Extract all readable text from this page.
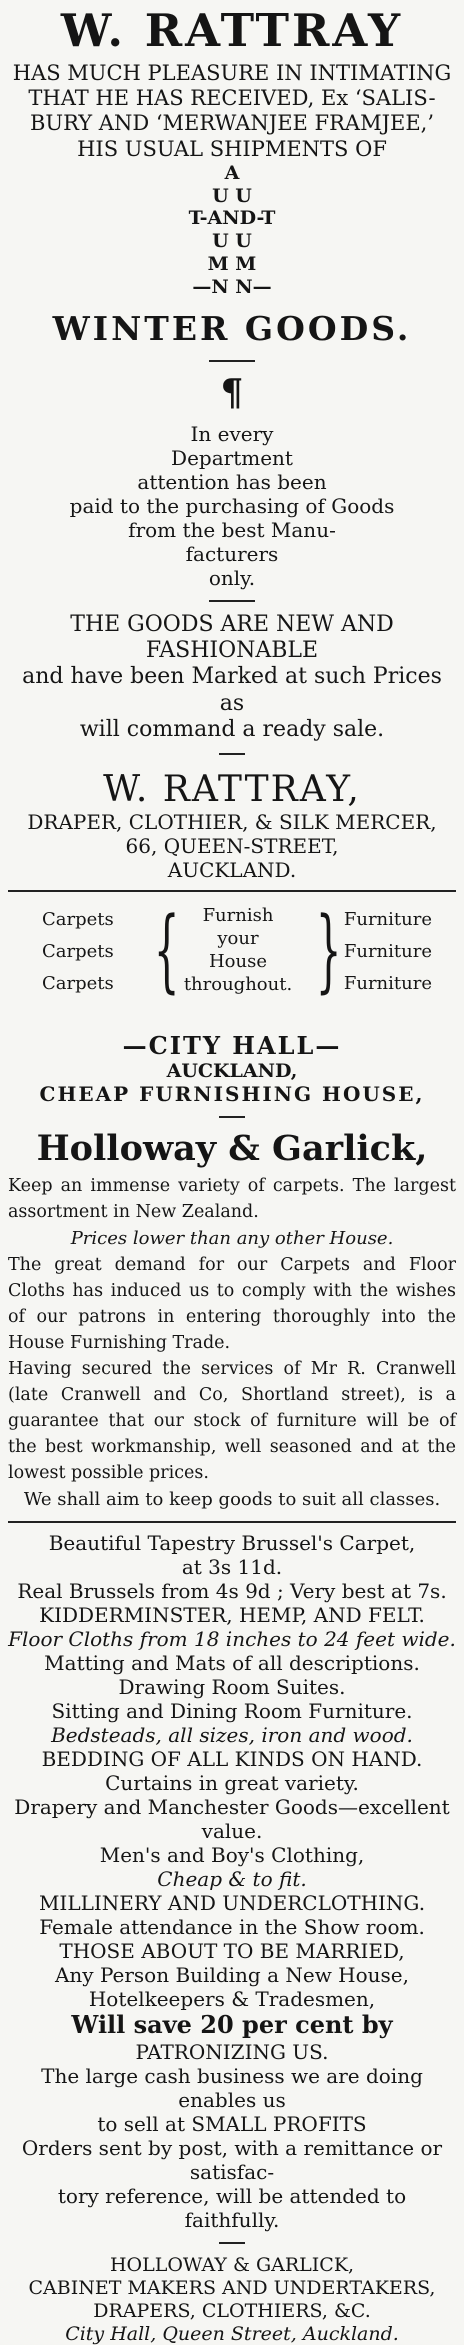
W. RATTRAY
HAS MUCH PLEASURE IN INTIMATING
THAT HE HAS RECEIVED, Ex ‘SALIS-
BURY AND ‘MERWANJEE FRAMJEE,’
HIS USUAL SHIPMENTS OF
A
U U
T-AND-T
U U
M M
—N N—
WINTER GOODS.
¶
In every
Department
attention has been
paid to the purchasing of Goods
from the best Manu-
facturers
only.
THE GOODS ARE NEW AND FASHIONABLE
and have been Marked at such Prices as
will command a ready sale.
W. RATTRAY,
DRAPER, CLOTHIER, & SILK MERCER,
66, QUEEN-STREET,
AUCKLAND.
Carpets
Carpets
Carpets {	Furnish
your
House
throughout. } Furniture
Furniture
Furniture
—CITY HALL—
AUCKLAND,
CHEAP FURNISHING HOUSE,
Holloway & Garlick,
Keep an immense variety of carpets. The largest assortment in New Zealand.
Prices lower than any other House.
The great demand for our Carpets and Floor Cloths has induced us to comply with the wishes of our patrons in entering thoroughly into the House Furnishing Trade.
Having secured the services of Mr R. Cranwell (late Cranwell and Co, Shortland street), is a guarantee that our stock of furniture will be of the best workmanship, well seasoned and at the lowest possible prices.
We shall aim to keep goods to suit all classes.
Beautiful Tapestry Brussel's Carpet,
at 3s 11d.
Real Brussels from 4s 9d ; Very best at 7s.
KIDDERMINSTER, HEMP, AND FELT.
Floor Cloths from 18 inches to 24 feet wide.
Matting and Mats of all descriptions.
Drawing Room Suites.
Sitting and Dining Room Furniture.
Bedsteads, all sizes, iron and wood.
BEDDING OF ALL KINDS ON HAND.
Curtains in great variety.
Drapery and Manchester Goods—excellent value.
Men's and Boy's Clothing,
Cheap & to fit.
MILLINERY AND UNDERCLOTHING.
Female attendance in the Show room.
THOSE ABOUT TO BE MARRIED,
Any Person Building a New House,
Hotelkeepers & Tradesmen,
Will save 20 per cent by
PATRONIZING US.
The large cash business we are doing enables us
to sell at SMALL PROFITS
Orders sent by post, with a remittance or satisfac-
tory reference, will be attended to faithfully.
HOLLOWAY & GARLICK,
CABINET MAKERS AND UNDERTAKERS,
DRAPERS, CLOTHIERS, &C.
City Hall, Queen Street, Auckland.
